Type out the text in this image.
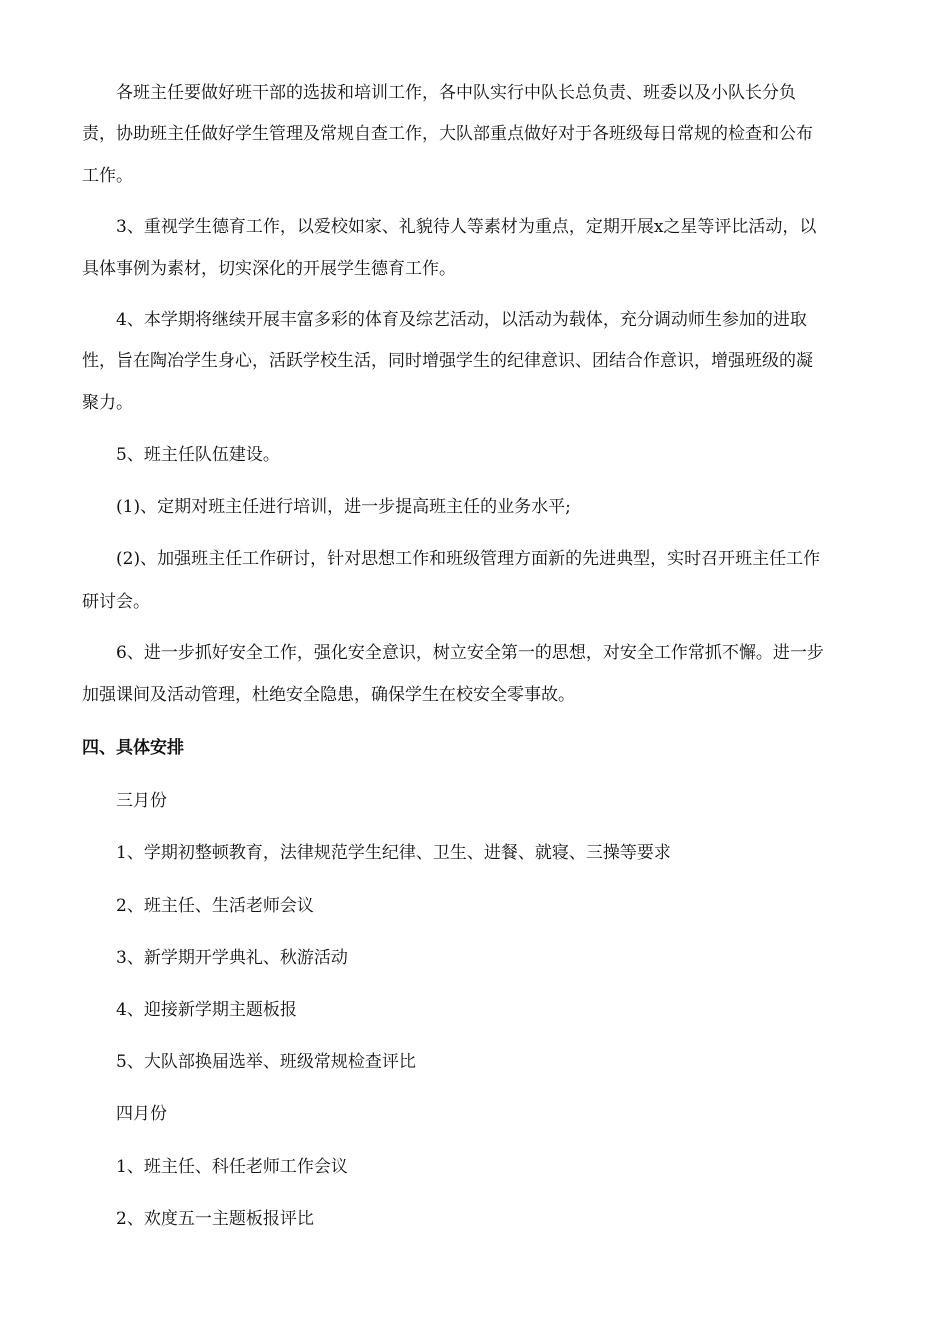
各班主任要做好班干部的选拔和培训工作，各中队实行中队长总负责、班委以及小队长分负
责，协助班主任做好学生管理及常规自查工作，大队部重点做好对于各班级每日常规的检查和公布
工作。
3、重视学生德育工作，以爱校如家、礼貌待人等素材为重点，定期开展x之星等评比活动，以
具体事例为素材，切实深化的开展学生德育工作。
4、本学期将继续开展丰富多彩的体育及综艺活动，以活动为载体，充分调动师生参加的进取
性，旨在陶冶学生身心，活跃学校生活，同时增强学生的纪律意识、团结合作意识，增强班级的凝
聚力。
5、班主任队伍建设。
(1)、定期对班主任进行培训，进一步提高班主任的业务水平;
(2)、加强班主任工作研讨，针对思想工作和班级管理方面新的先进典型，实时召开班主任工作
研讨会。
6、进一步抓好安全工作，强化安全意识，树立安全第一的思想，对安全工作常抓不懈。进一步
加强课间及活动管理，杜绝安全隐患，确保学生在校安全零事故。
四、具体安排
三月份
1、学期初整顿教育，法律规范学生纪律、卫生、进餐、就寝、三操等要求
2、班主任、生活老师会议
3、新学期开学典礼、秋游活动
4、迎接新学期主题板报
5、大队部换届选举、班级常规检查评比
四月份
1、班主任、科任老师工作会议
2、欢度五一主题板报评比
